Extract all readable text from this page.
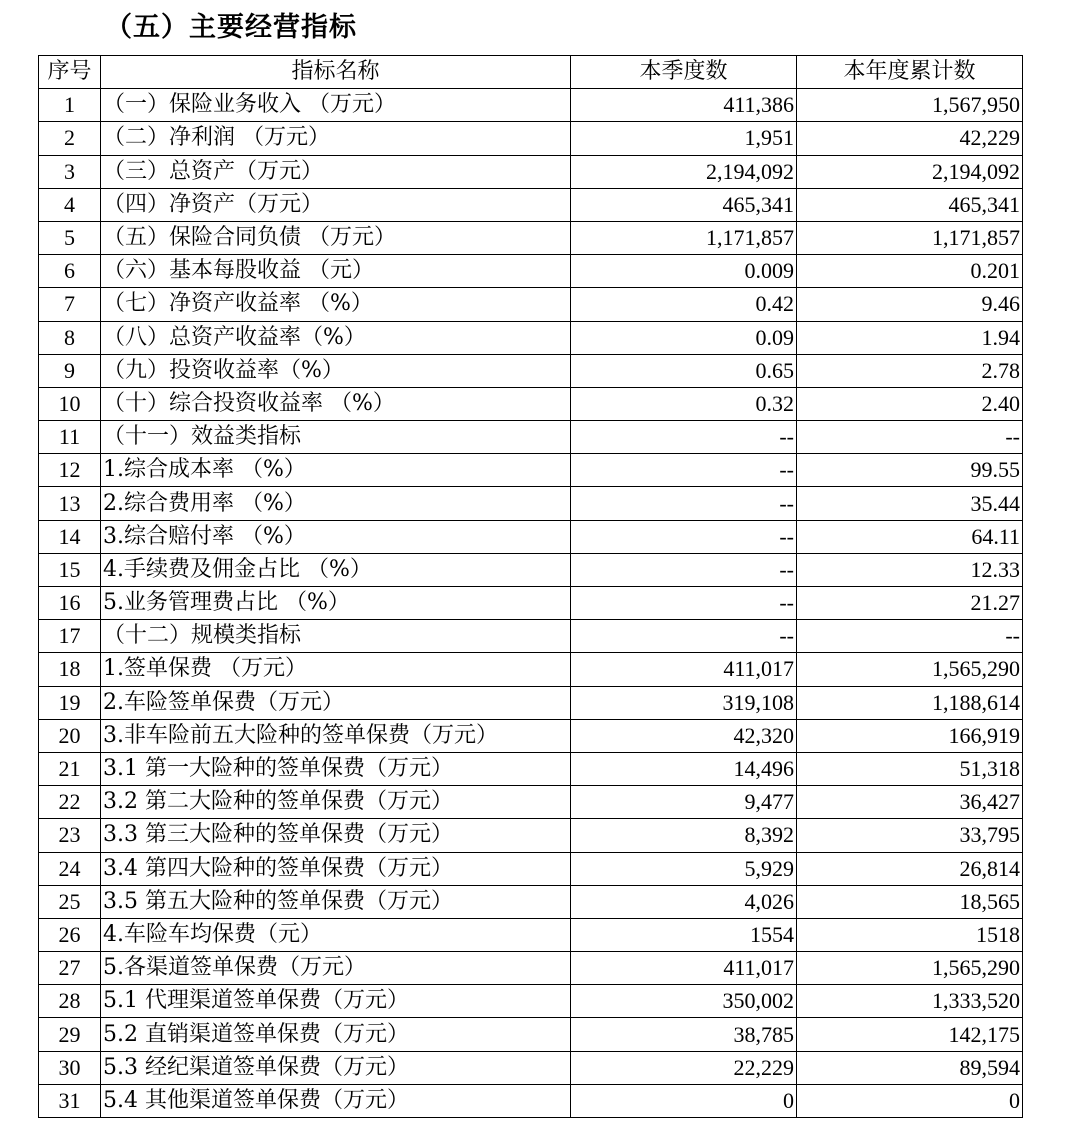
（五）主要经营指标
序号	指标名称	本季度数	本年度累计数
1	（一）保险业务收入 （万元）	411,386	1,567,950
2	（二）净利润 （万元）	1,951	42,229
3	（三）总资产（万元）	2,194,092	2,194,092
4	（四）净资产（万元）	465,341	465,341
5	（五）保险合同负债 （万元）	1,171,857	1,171,857
6	（六）基本每股收益 （元）	0.009	0.201
7	（七）净资产收益率 （%）	0.42	9.46
8	（八）总资产收益率（%）	0.09	1.94
9	（九）投资收益率（%）	0.65	2.78
10	（十）综合投资收益率 （%）	0.32	2.40
11	（十一）效益类指标	--	--
12	1.综合成本率 （%）	--	99.55
13	2.综合费用率 （%）	--	35.44
14	3.综合赔付率 （%）	--	64.11
15	4.手续费及佣金占比 （%）	--	12.33
16	5.业务管理费占比 （%）	--	21.27
17	（十二）规模类指标	--	--
18	1.签单保费 （万元）	411,017	1,565,290
19	2.车险签单保费（万元）	319,108	1,188,614
20	3.非车险前五大险种的签单保费（万元）	42,320	166,919
21	3.1 第一大险种的签单保费（万元）	14,496	51,318
22	3.2 第二大险种的签单保费（万元）	9,477	36,427
23	3.3 第三大险种的签单保费（万元）	8,392	33,795
24	3.4 第四大险种的签单保费（万元）	5,929	26,814
25	3.5 第五大险种的签单保费（万元）	4,026	18,565
26	4.车险车均保费（元）	1554	1518
27	5.各渠道签单保费（万元）	411,017	1,565,290
28	5.1 代理渠道签单保费（万元）	350,002	1,333,520
29	5.2 直销渠道签单保费（万元）	38,785	142,175
30	5.3 经纪渠道签单保费（万元）	22,229	89,594
31	5.4 其他渠道签单保费（万元）	0	0
